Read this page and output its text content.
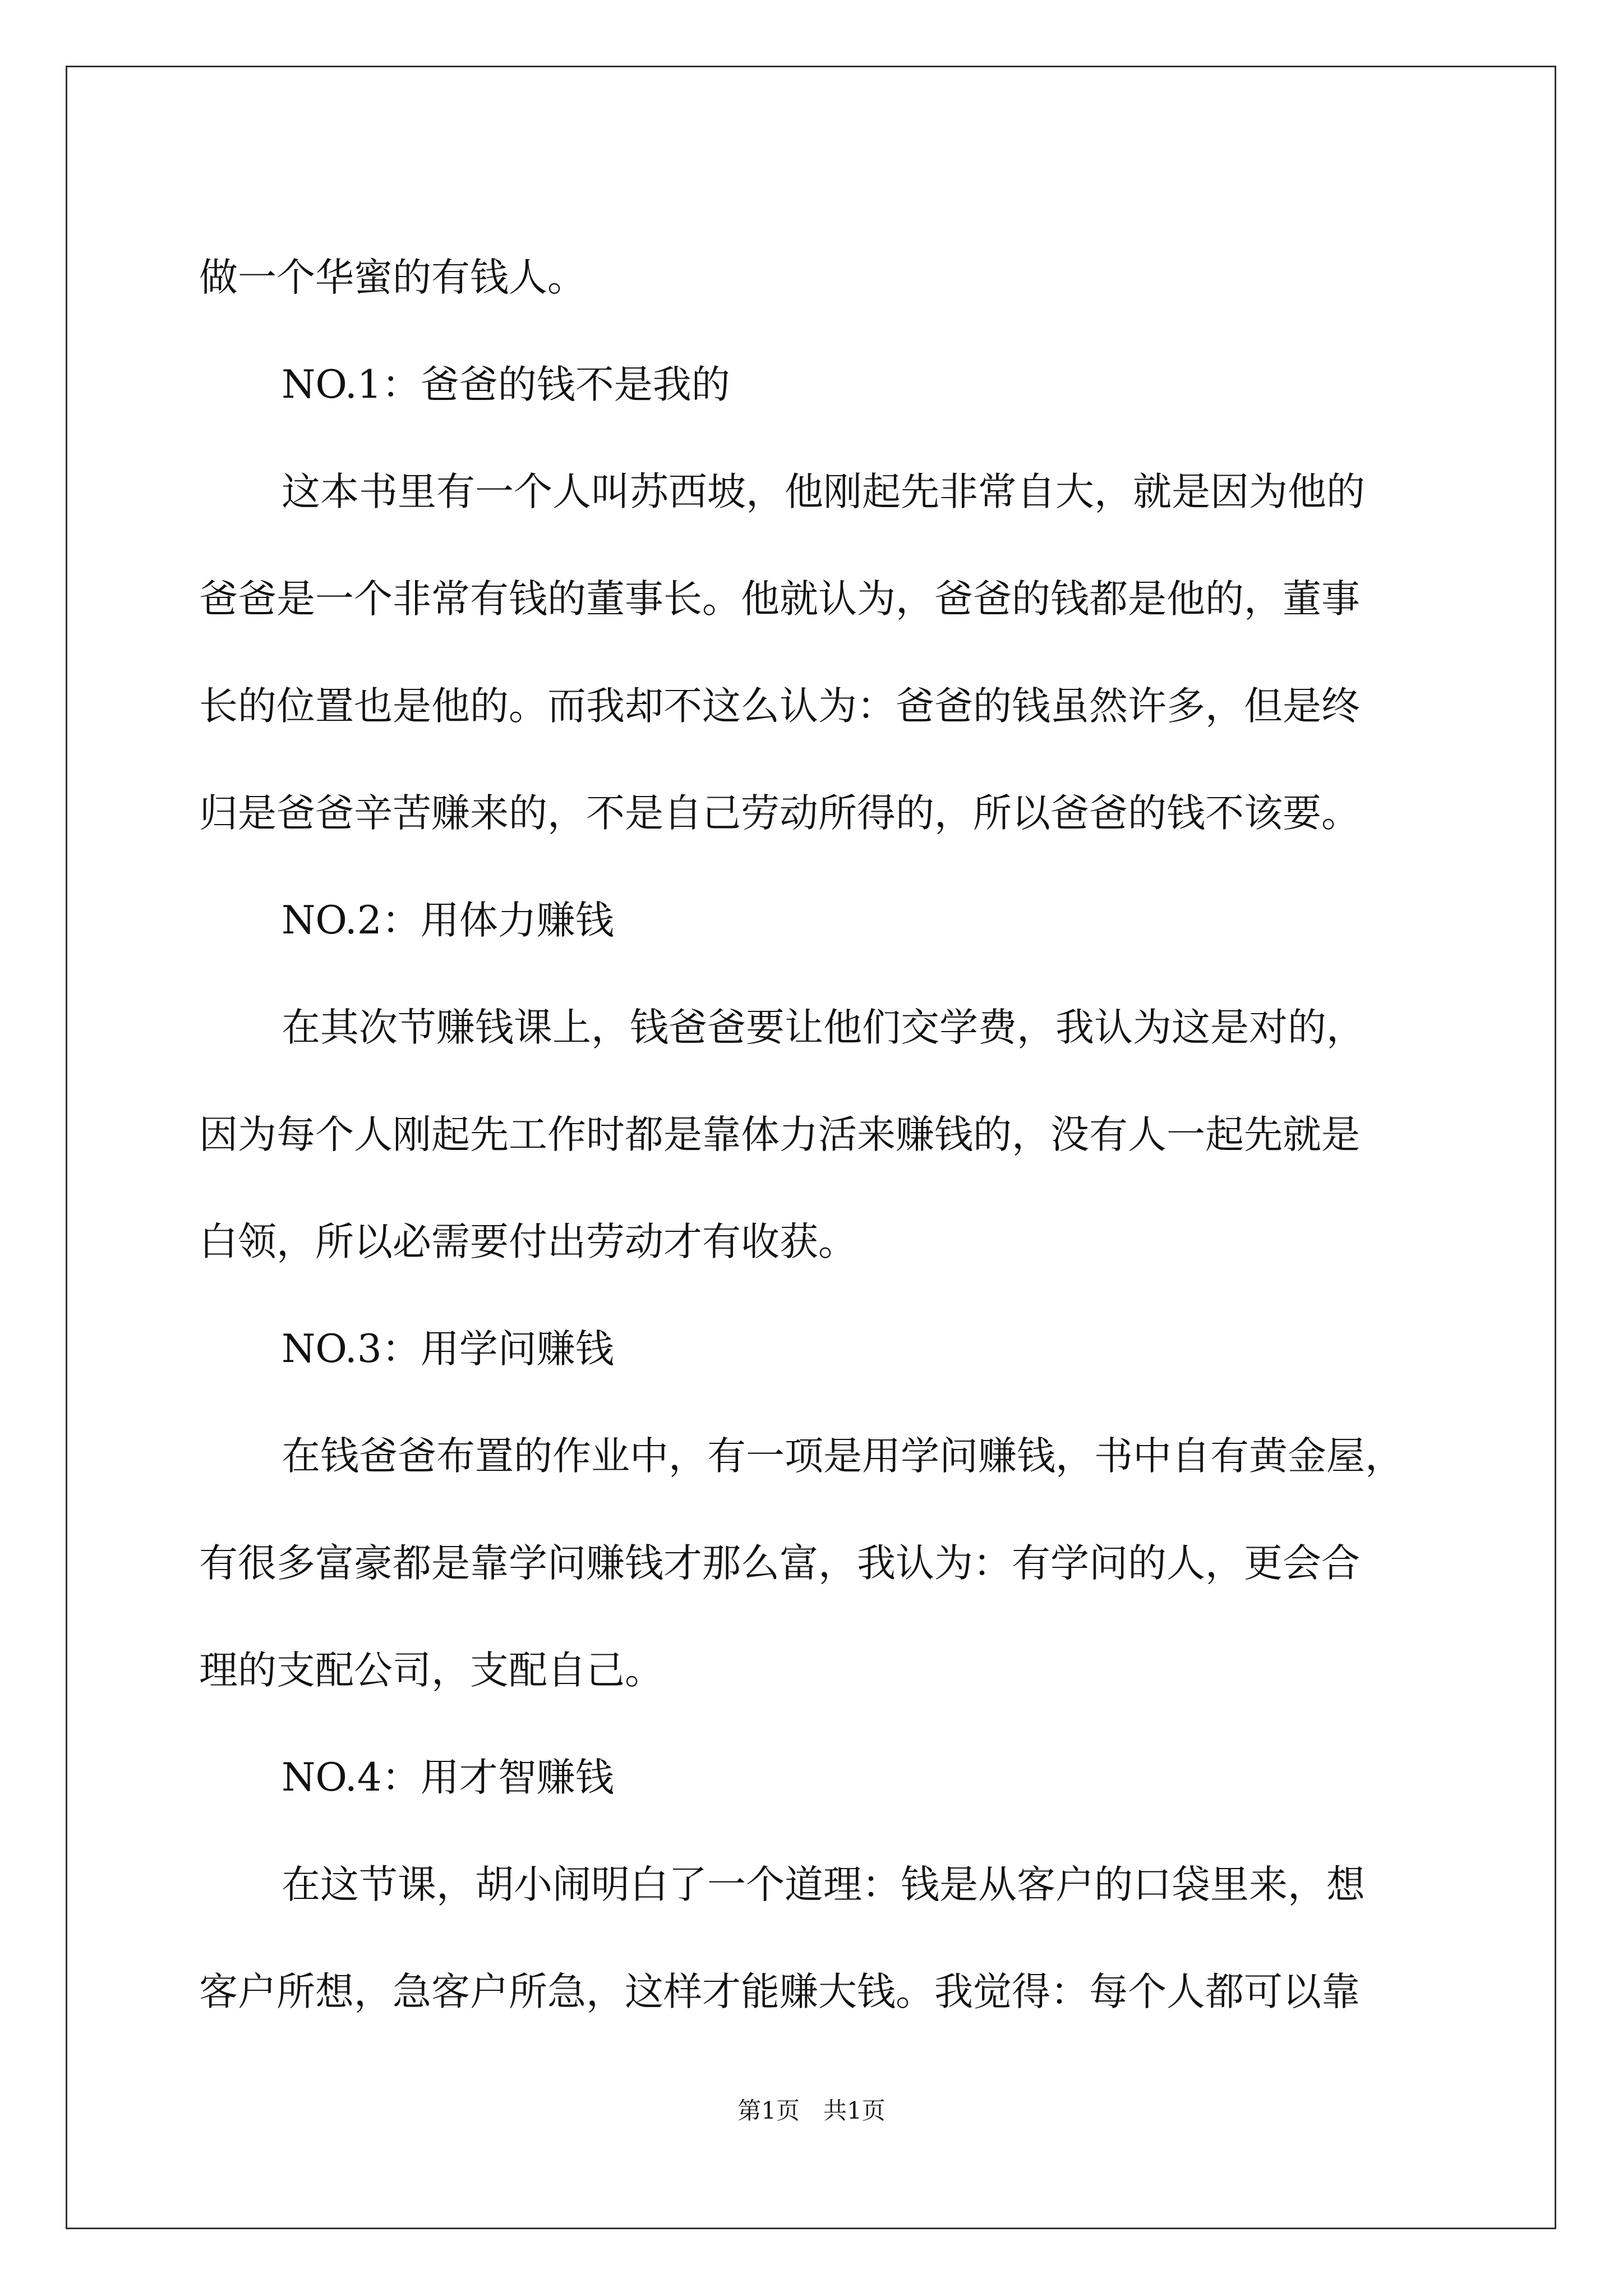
做一个华蜜的有钱人。
NO.1：爸爸的钱不是我的
这本书里有一个人叫苏西坡，他刚起先非常自大，就是因为他的
爸爸是一个非常有钱的董事长。他就认为，爸爸的钱都是他的，董事
长的位置也是他的。而我却不这么认为：爸爸的钱虽然许多，但是终
归是爸爸辛苦赚来的，不是自己劳动所得的，所以爸爸的钱不该要。
NO.2：用体力赚钱
在其次节赚钱课上，钱爸爸要让他们交学费，我认为这是对的，
因为每个人刚起先工作时都是靠体力活来赚钱的，没有人一起先就是
白领，所以必需要付出劳动才有收获。
NO.3：用学问赚钱
在钱爸爸布置的作业中，有一项是用学问赚钱，书中自有黄金屋，
有很多富豪都是靠学问赚钱才那么富，我认为：有学问的人，更会合
理的支配公司，支配自己。
NO.4：用才智赚钱
在这节课，胡小闹明白了一个道理：钱是从客户的口袋里来，想
客户所想，急客户所急，这样才能赚大钱。我觉得：每个人都可以靠
第1页　共1页
